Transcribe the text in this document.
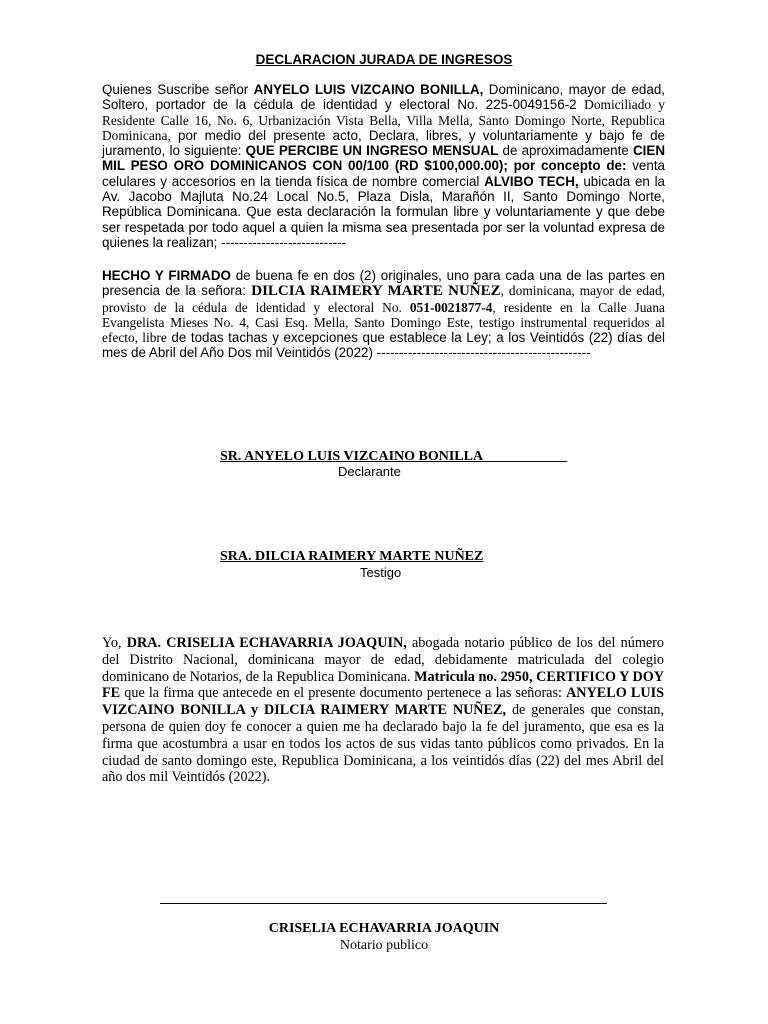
DECLARACION JURADA DE INGRESOS

Quienes Suscribe señor ANYELO LUIS VIZCAINO BONILLA, Dominicano, mayor de edad, Soltero, portador de la cédula de identidad y electoral No. 225-0049156-2 Domiciliado y Residente Calle 16, No. 6, Urbanización Vista Bella, Villa Mella, Santo Domingo Norte, Republica Dominicana, por medio del presente acto, Declara, libres, y voluntariamente y bajo fe de juramento, lo siguiente: QUE PERCIBE UN INGRESO MENSUAL de aproximadamente CIEN MIL PESO ORO DOMINICANOS CON 00/100 (RD $100,000.00); por concepto de: venta celulares y accesorios en la tienda física de nombre comercial ALVIBO TECH, ubicada en la Av. Jacobo Majluta No.24 Local No.5, Plaza Disla, Marañón II, Santo Domingo Norte, República Dominicana. Que esta declaración la formulan libre y voluntariamente y que debe ser respetada por todo aquel a quien la misma sea presentada por ser la voluntad expresa de quienes la realizan; ----------------------------

HECHO Y FIRMADO de buena fe en dos (2) originales, uno para cada una de las partes en presencia de la señora: DILCIA RAIMERY MARTE NUÑEZ, dominicana, mayor de edad, provisto de la cédula de identidad y electoral No. 051-0021877-4, residente en la Calle Juana Evangelista Mieses No. 4, Casi Esq. Mella, Santo Domingo Este, testigo instrumental requeridos al efecto, libre de todas tachas y excepciones que establece la Ley; a los Veintidós (22) días del mes de Abril del Año Dos mil Veintidós (2022) ------------------------------------------------

SR. ANYELO LUIS VIZCAINO BONILLA____________
Declarante
SRA. DILCIA RAIMERY MARTE NUÑEZ
Testigo

Yo, DRA. CRISELIA ECHAVARRIA JOAQUIN, abogada notario público de los del número del Distrito Nacional, dominicana mayor de edad, debidamente matriculada del colegio dominicano de Notarios, de la Republica Dominicana. Matricula no. 2950, CERTIFICO Y DOY FE que la firma que antecede en el presente documento pertenece a las señoras: ANYELO LUIS VIZCAINO BONILLA y DILCIA RAIMERY MARTE NUÑEZ, de generales que constan, persona de quien doy fe conocer a quien me ha declarado bajo la fe del juramento, que esa es la firma que acostumbra a usar en todos los actos de sus vidas tanto públicos como privados. En la ciudad de santo domingo este, Republica Dominicana, a los veintidós días (22) del mes Abril del año dos mil Veintidós (2022).

CRISELIA ECHAVARRIA JOAQUIN
Notario publico
